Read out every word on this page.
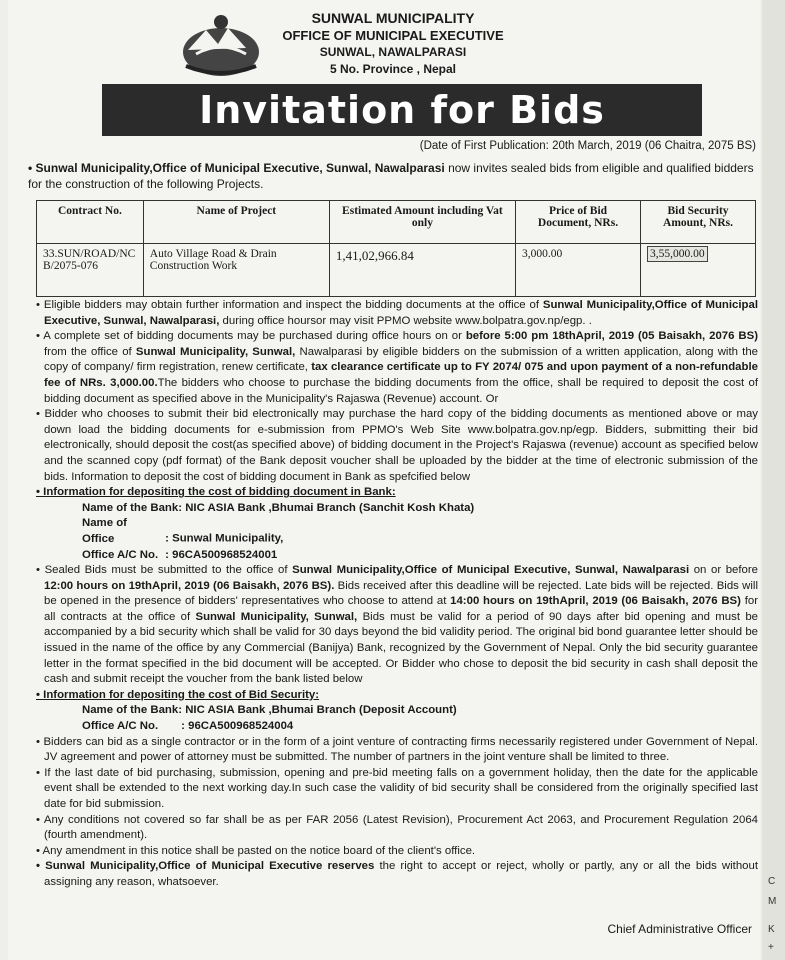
SUNWAL MUNICIPALITY
OFFICE OF MUNICIPAL EXECUTIVE
SUNWAL, NAWALPARASI
5 No. Province , Nepal
Invitation for Bids
(Date of First Publication: 20th March, 2019 (06 Chaitra, 2075 BS)
• Sunwal Municipality,Office of Municipal Executive, Sunwal, Nawalparasi now invites sealed bids from eligible and qualified bidders for the construction of the following Projects.
Contract No.	Name of Project	Estimated Amount including Vat only	Price of Bid Document, NRs.	Bid Security Amount, NRs.
33.SUN/ROAD/NCB/2075-076	Auto Village Road & Drain Construction Work	1,41,02,966.84	3,000.00	3,55,000.00
• Eligible bidders may obtain further information and inspect the bidding documents at the office of Sunwal Municipality,Office of Municipal Executive, Sunwal, Nawalparasi, during office hoursor may visit PPMO website www.bolpatra.gov.np/egp. .
• A complete set of bidding documents may be purchased during office hours on or before 5:00 pm 18thApril, 2019 (05 Baisakh, 2076 BS) from the office of Sunwal Municipality, Sunwal, Nawalparasi by eligible bidders on the submission of a written application, along with the copy of company/ firm registration, renew certificate, tax clearance certificate up to FY 2074/ 075 and upon payment of a non-refundable fee of NRs. 3,000.00.The bidders who choose to purchase the bidding documents from the office, shall be required to deposit the cost of bidding document as specified above in the Municipality's Rajaswa (Revenue) account. Or
• Bidder who chooses to submit their bid electronically may purchase the hard copy of the bidding documents as mentioned above or may down load the bidding documents for e-submission from PPMO's Web Site www.bolpatra.gov.np/egp. Bidders, submitting their bid electronically, should deposit the cost(as specified above) of bidding document in the Project's Rajaswa (revenue) account as specified below and the scanned copy (pdf format) of the Bank deposit voucher shall be uploaded by the bidder at the time of electronic submission of the bids. Information to deposit the cost of bidding document in Bank as spefcified below
• Information for depositing the cost of bidding document in Bank:
Name of the Bank: NIC ASIA Bank ,Bhumai Branch (Sanchit Kosh Khata)
Name of Office	: Sunwal Municipality,
Office A/C No. : 96CA500968524001
• Sealed Bids must be submitted to the office of Sunwal Municipality,Office of Municipal Executive, Sunwal, Nawalparasi on or before 12:00 hours on 19thApril, 2019 (06 Baisakh, 2076 BS). Bids received after this deadline will be rejected. Late bids will be rejected. Bids will be opened in the presence of bidders' representatives who choose to attend at 14:00 hours on 19thApril, 2019 (06 Baisakh, 2076 BS) for all contracts at the office of Sunwal Municipality, Sunwal, Bids must be valid for a period of 90 days after bid opening and must be accompanied by a bid security which shall be valid for 30 days beyond the bid validity period. The original bid bond guarantee letter should be issued in the name of the office by any Commercial (Banijya) Bank, recognized by the Government of Nepal. Only the bid security guarantee letter in the format specified in the bid document will be accepted. Or Bidder who chose to deposit the bid security in cash shall deposit the cash and submit receipt the voucher from the bank listed below
• Information for depositing the cost of Bid Security:
Name of the Bank: NIC ASIA Bank ,Bhumai Branch (Deposit Account)
Office A/C No. : 96CA500968524004
• Bidders can bid as a single contractor or in the form of a joint venture of contracting firms necessarily registered under Government of Nepal. JV agreement and power of attorney must be submitted. The number of partners in the joint venture shall be limited to three.
• If the last date of bid purchasing, submission, opening and pre-bid meeting falls on a government holiday, then the date for the applicable event shall be extended to the next working day.In such case the validity of bid security shall be considered from the originally specified last date for bid submission.
• Any conditions not covered so far shall be as per FAR 2056 (Latest Revision), Procurement Act 2063, and Procurement Regulation 2064 (fourth amendment).
• Any amendment in this notice shall be pasted on the notice board of the client's office.
• Sunwal Municipality,Office of Municipal Executive reserves the right to accept or reject, wholly or partly, any or all the bids without assigning any reason, whatsoever.
Chief Administrative Officer
C
M
K
+
